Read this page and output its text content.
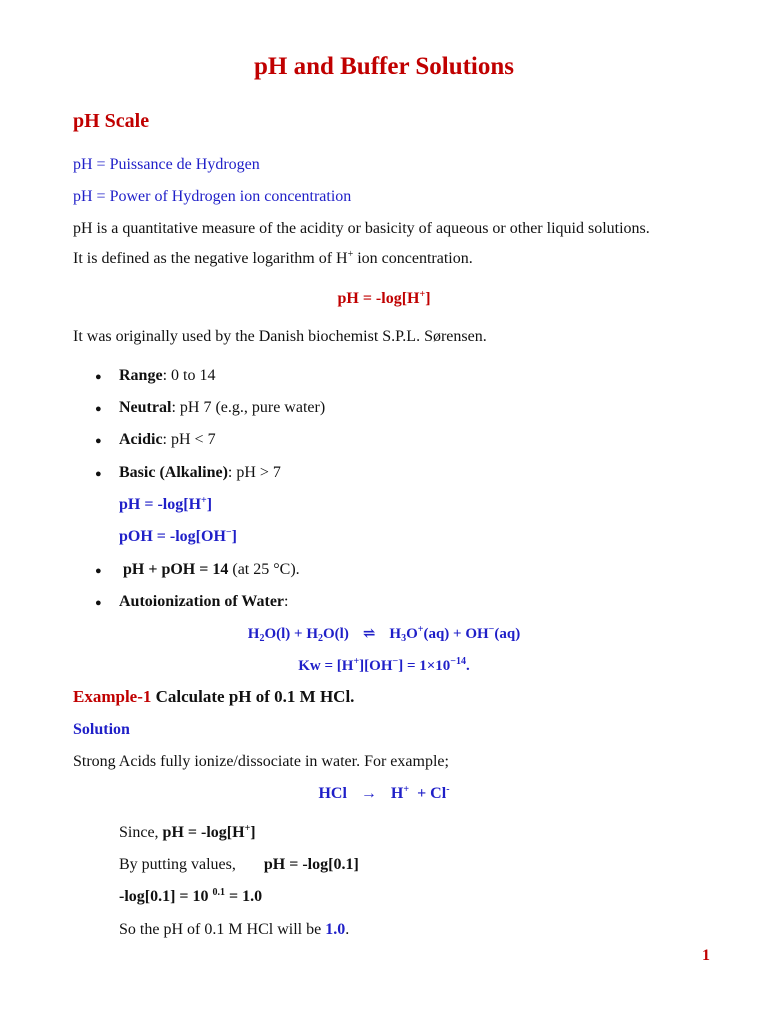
pH and Buffer Solutions
pH Scale
pH = Puissance de Hydrogen
pH = Power of Hydrogen ion concentration
pH is a quantitative measure of the acidity or basicity of aqueous or other liquid solutions.
It is defined as the negative logarithm of H+ ion concentration.
pH = -log[H+]
It was originally used by the Danish biochemist S.P.L. Sørensen.
● Range: 0 to 14
● Neutral: pH 7 (e.g., pure water)
● Acidic: pH < 7
● Basic (Alkaline): pH > 7
pH = -log[H+]
pOH = -log[OH−]
● pH + pOH = 14 (at 25 °C).
● Autoionization of Water:
$H_2O(l) + H_2O(l)$ ⇌ $H_3O^+(aq) + OH^-(aq)$
$Kw = [H^+][OH^-] = 1\times 10^{-14}$.
Example-1 Calculate pH of 0.1 M HCl.
Solution
Strong Acids fully ionize/dissociate in water. For example;
HCl → H+ + Cl-
Since, pH = -log[H+]
By putting values, pH = -log[0.1]
-log[0.1] = 10 $^{0.1}$ = 1.0
So the pH of 0.1 M HCl will be 1.0.
1
